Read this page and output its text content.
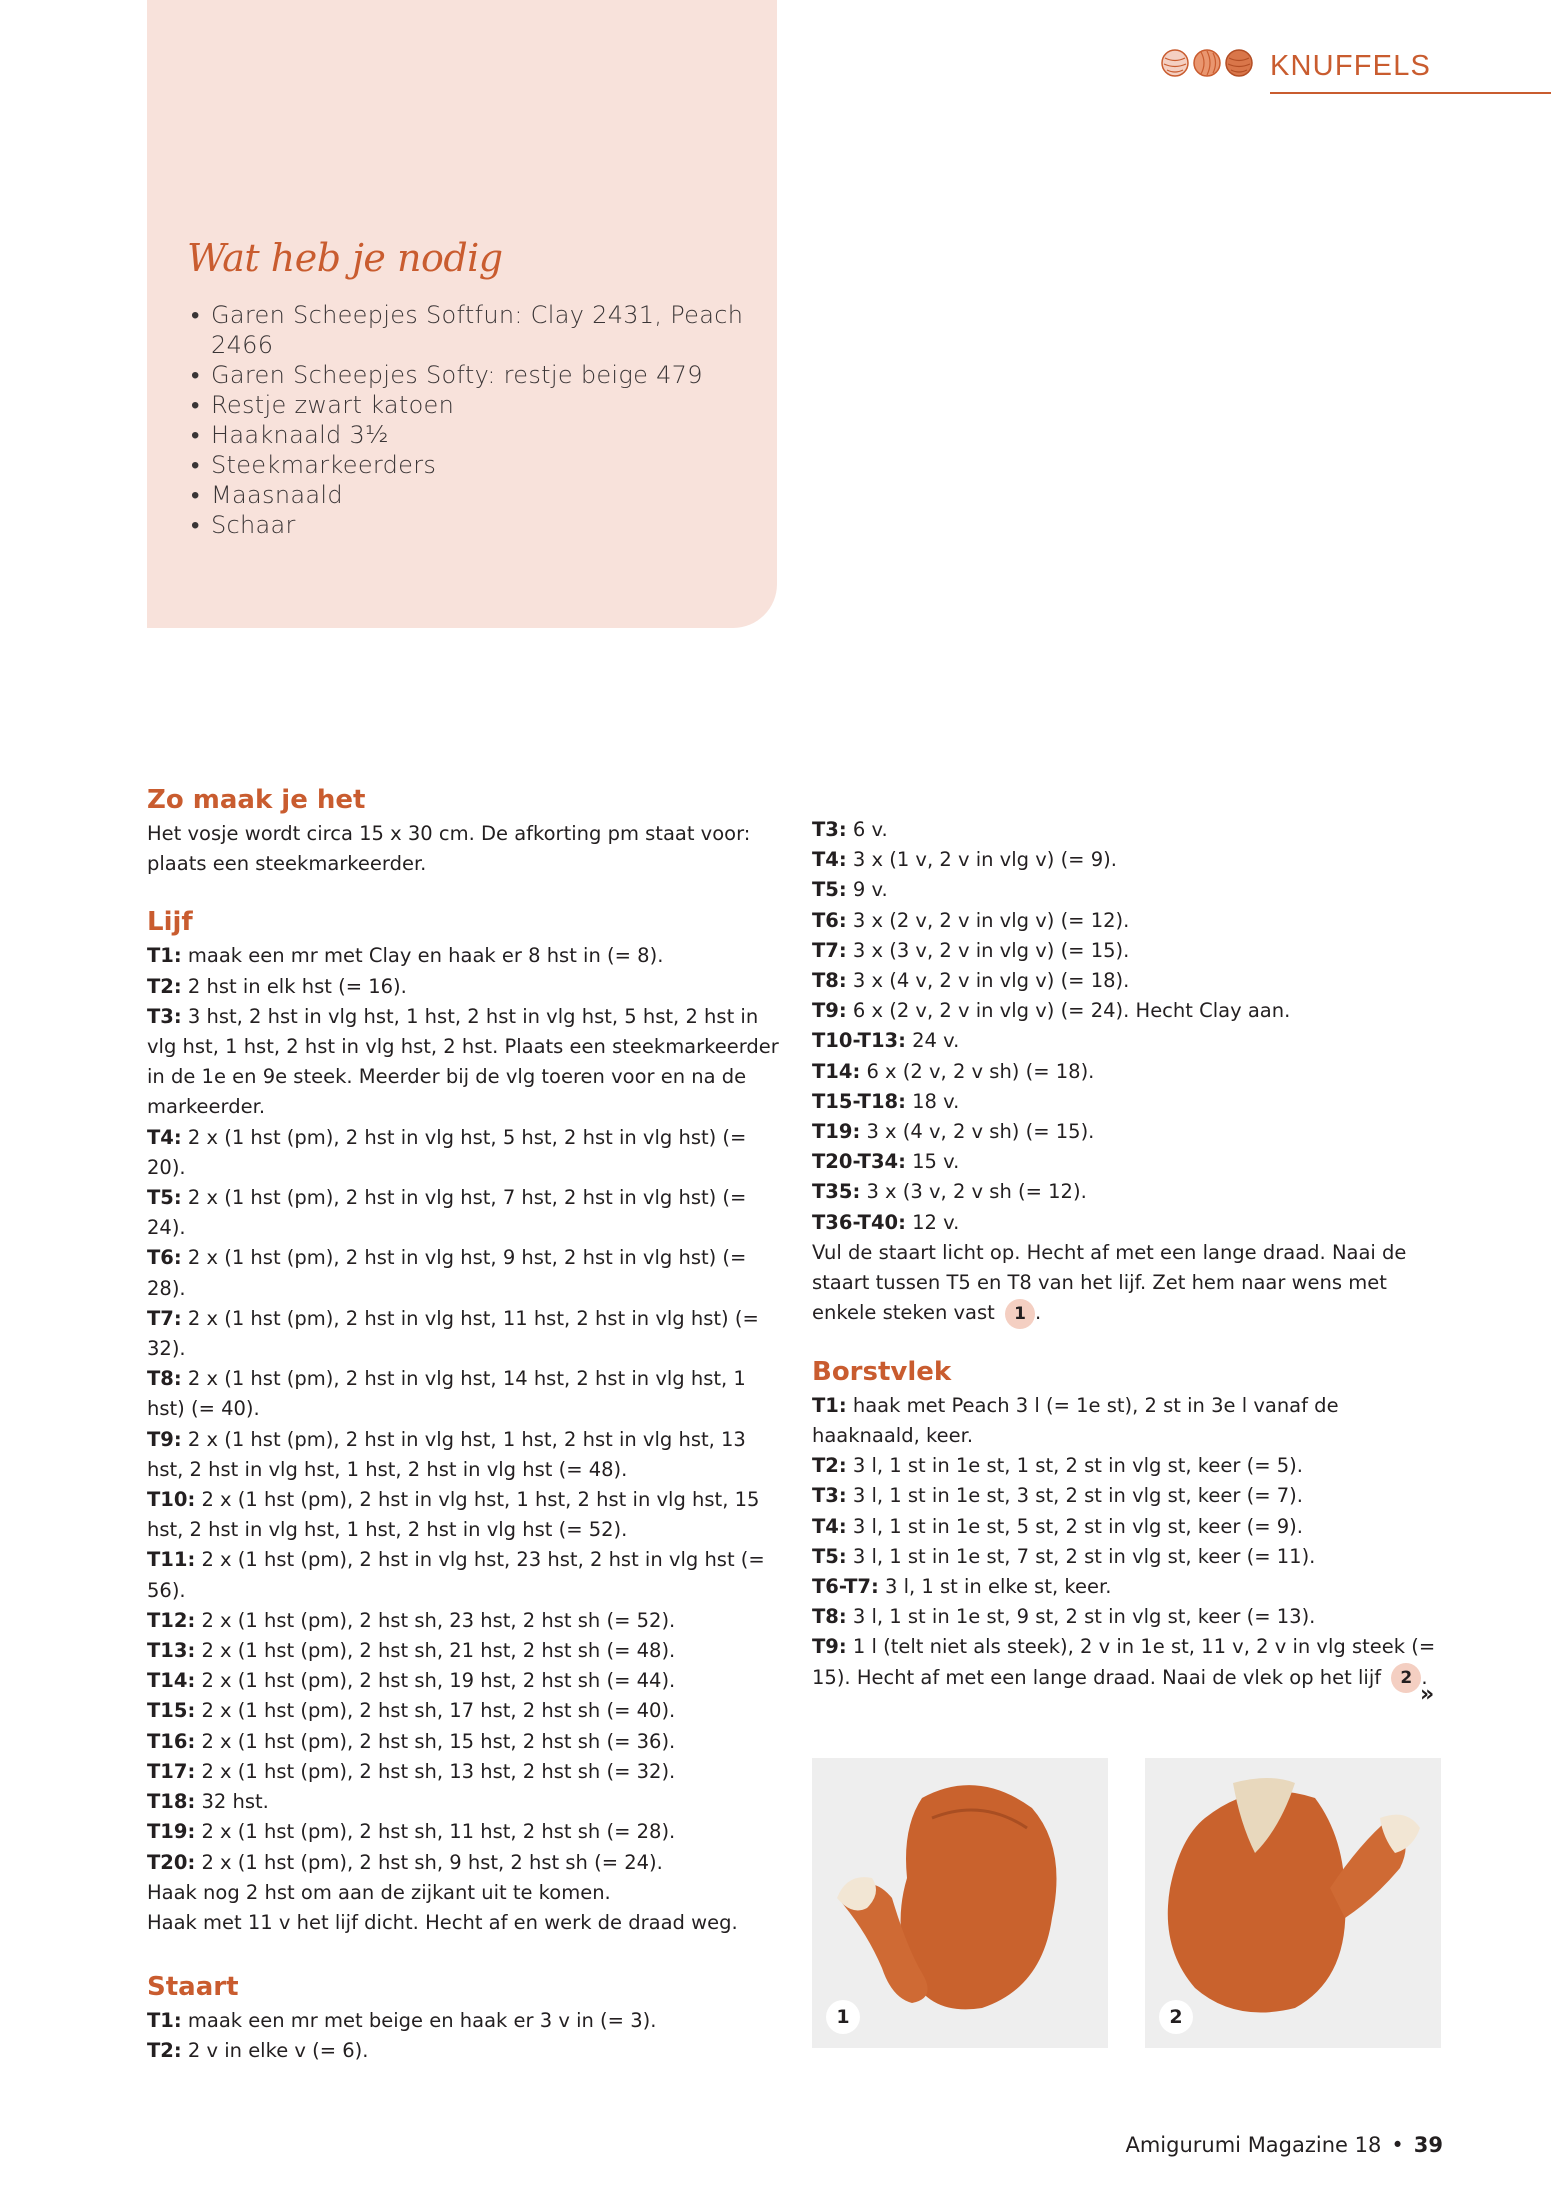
KNUFFELS
Wat heb je nodig
• Garen Scheepjes Softfun: Clay 2431, Peach 2466
• Garen Scheepjes Softy: restje beige 479
• Restje zwart katoen
• Haaknaald 3½
• Steekmarkeerders
• Maasnaald
• Schaar
Zo maak je het

Het vosje wordt circa 15 x 30 cm. De afkorting pm staat voor: plaats een steekmarkeerder.

Lijf

T1: maak een mr met Clay en haak er 8 hst in (= 8).

T2: 2 hst in elk hst (= 16).

T3: 3 hst, 2 hst in vlg hst, 1 hst, 2 hst in vlg hst, 5 hst, 2 hst in vlg hst, 1 hst, 2 hst in vlg hst, 2 hst. Plaats een steekmarkeerder in de 1e en 9e steek. Meerder bij de vlg toeren voor en na de markeerder.

T4: 2 x (1 hst (pm), 2 hst in vlg hst, 5 hst, 2 hst in vlg hst) (= 20).

T5: 2 x (1 hst (pm), 2 hst in vlg hst, 7 hst, 2 hst in vlg hst) (= 24).

T6: 2 x (1 hst (pm), 2 hst in vlg hst, 9 hst, 2 hst in vlg hst) (= 28).

T7: 2 x (1 hst (pm), 2 hst in vlg hst, 11 hst, 2 hst in vlg hst) (= 32).

T8: 2 x (1 hst (pm), 2 hst in vlg hst, 14 hst, 2 hst in vlg hst, 1 hst) (= 40).

T9: 2 x (1 hst (pm), 2 hst in vlg hst, 1 hst, 2 hst in vlg hst, 13 hst, 2 hst in vlg hst, 1 hst, 2 hst in vlg hst (= 48).

T10: 2 x (1 hst (pm), 2 hst in vlg hst, 1 hst, 2 hst in vlg hst, 15 hst, 2 hst in vlg hst, 1 hst, 2 hst in vlg hst (= 52).

T11: 2 x (1 hst (pm), 2 hst in vlg hst, 23 hst, 2 hst in vlg hst (= 56).

T12: 2 x (1 hst (pm), 2 hst sh, 23 hst, 2 hst sh (= 52).

T13: 2 x (1 hst (pm), 2 hst sh, 21 hst, 2 hst sh (= 48).

T14: 2 x (1 hst (pm), 2 hst sh, 19 hst, 2 hst sh (= 44).

T15: 2 x (1 hst (pm), 2 hst sh, 17 hst, 2 hst sh (= 40).

T16: 2 x (1 hst (pm), 2 hst sh, 15 hst, 2 hst sh (= 36).

T17: 2 x (1 hst (pm), 2 hst sh, 13 hst, 2 hst sh (= 32).

T18: 32 hst.

T19: 2 x (1 hst (pm), 2 hst sh, 11 hst, 2 hst sh (= 28).

T20: 2 x (1 hst (pm), 2 hst sh, 9 hst, 2 hst sh (= 24).

Haak nog 2 hst om aan de zijkant uit te komen.

Haak met 11 v het lijf dicht. Hecht af en werk de draad weg.

Staart

T1: maak een mr met beige en haak er 3 v in (= 3).

T2: 2 v in elke v (= 6).

T3: 6 v.

T4: 3 x (1 v, 2 v in vlg v) (= 9).

T5: 9 v.

T6: 3 x (2 v, 2 v in vlg v) (= 12).

T7: 3 x (3 v, 2 v in vlg v) (= 15).

T8: 3 x (4 v, 2 v in vlg v) (= 18).

T9: 6 x (2 v, 2 v in vlg v) (= 24). Hecht Clay aan.

T10-T13: 24 v.

T14: 6 x (2 v, 2 v sh) (= 18).

T15-T18: 18 v.

T19: 3 x (4 v, 2 v sh) (= 15).

T20-T34: 15 v.

T35: 3 x (3 v, 2 v sh (= 12).

T36-T40: 12 v.

Vul de staart licht op. Hecht af met een lange draad. Naai de staart tussen T5 en T8 van het lijf. Zet hem naar wens met enkele steken vast 1 .

Borstvlek

T1: haak met Peach 3 l (= 1e st), 2 st in 3e l vanaf de haaknaald, keer.

T2: 3 l, 1 st in 1e st, 1 st, 2 st in vlg st, keer (= 5).

T3: 3 l, 1 st in 1e st, 3 st, 2 st in vlg st, keer (= 7).

T4: 3 l, 1 st in 1e st, 5 st, 2 st in vlg st, keer (= 9).

T5: 3 l, 1 st in 1e st, 7 st, 2 st in vlg st, keer (= 11).

T6-T7: 3 l, 1 st in elke st, keer.

T8: 3 l, 1 st in 1e st, 9 st, 2 st in vlg st, keer (= 13).

T9: 1 l (telt niet als steek), 2 v in 1e st, 11 v, 2 v in vlg steek (= 15). Hecht af met een lange draad. Naai de vlek op het lijf 2 .

»
1	2
Amigurumi Magazine 18 • 39
